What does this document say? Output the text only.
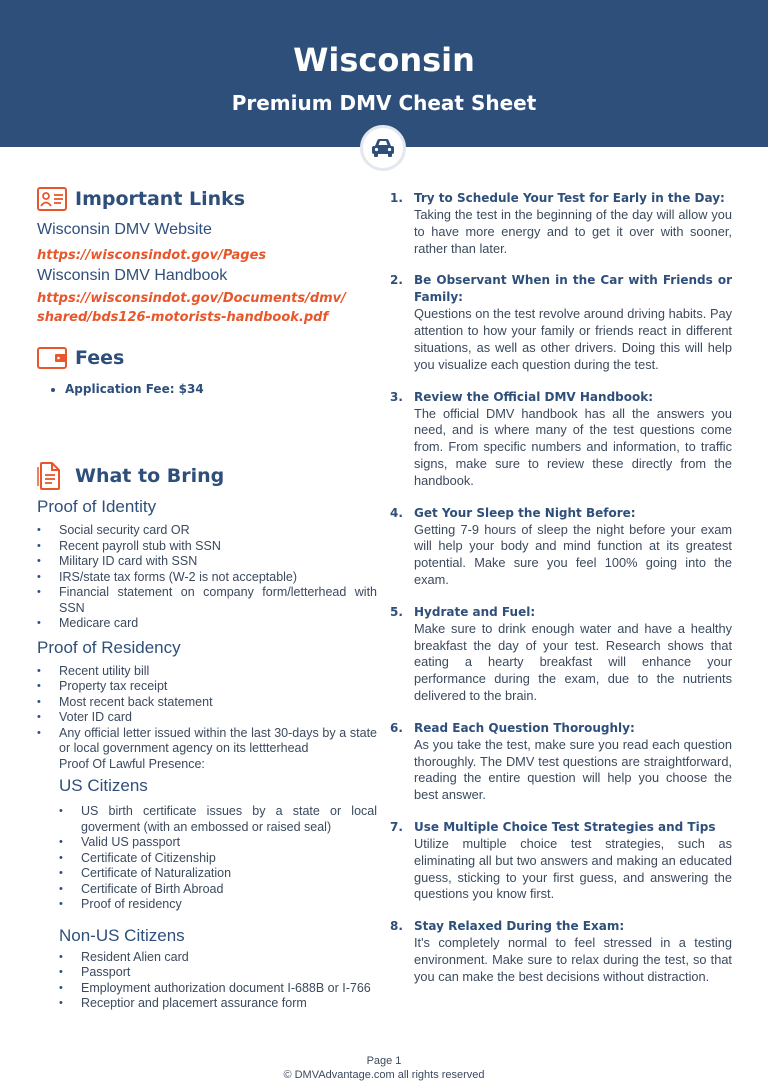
Wisconsin
Premium DMV Cheat Sheet
Important Links
Wisconsin DMV Website
https://wisconsindot.gov/Pages
Wisconsin DMV Handbook
https://wisconsindot.gov/Documents/dmv/
shared/bds126-motorists-handbook.pdf
Fees
• Application Fee: $34
What to Bring
Proof of Identity
• Social security card OR
• Recent payroll stub with SSN
• Military ID card with SSN
• IRS/state tax forms (W-2 is not acceptable)
• Financial statement on company form/letterhead with SSN
• Medicare card
Proof of Residency
• Recent utility bill
• Property tax receipt
• Most recent back statement
• Voter ID card
• Any official letter issued within the last 30-days by a state or local government agency on its lettterhead
Proof Of Lawful Presence:
US Citizens
• US birth certificate issues by a state or local goverment (with an embossed or raised seal)
• Valid US passport
• Certificate of Citizenship
• Certificate of Naturalization
• Certificate of Birth Abroad
• Proof of residency
Non-US Citizens
• Resident Alien card
• Passport
• Employment authorization document I-688B or I-766
• Receptior and placemert assurance form
1. Try to Schedule Your Test for Early in the Day:
Taking the test in the beginning of the day will allow you to have more energy and to get it over with sooner, rather than later.
2. Be Observant When in the Car with Friends or Family:
Questions on the test revolve around driving habits. Pay attention to how your family or friends react in different situations, as well as other drivers. Doing this will help you visualize each question during the test.
3. Review the Official DMV Handbook:
The official DMV handbook has all the answers you need, and is where many of the test questions come from. From specific numbers and information, to traffic signs, make sure to review these directly from the handbook.
4. Get Your Sleep the Night Before:
Getting 7-9 hours of sleep the night before your exam will help your body and mind function at its greatest potential. Make sure you feel 100% going into the exam.
5. Hydrate and Fuel:
Make sure to drink enough water and have a healthy breakfast the day of your test. Research shows that eating a hearty breakfast will enhance your performance during the exam, due to the nutrients delivered to the brain.
6. Read Each Question Thoroughly:
As you take the test, make sure you read each question thoroughly. The DMV test questions are straightforward, reading the entire question will help you choose the best answer.
7. Use Multiple Choice Test Strategies and Tips
Utilize multiple choice test strategies, such as eliminating all but two answers and making an educated guess, sticking to your first guess, and answering the questions you know first.
8. Stay Relaxed During the Exam:
It's completely normal to feel stressed in a testing environment. Make sure to relax during the test, so that you can make the best decisions without distraction.
Page 1
© DMVAdvantage.com all rights reserved
